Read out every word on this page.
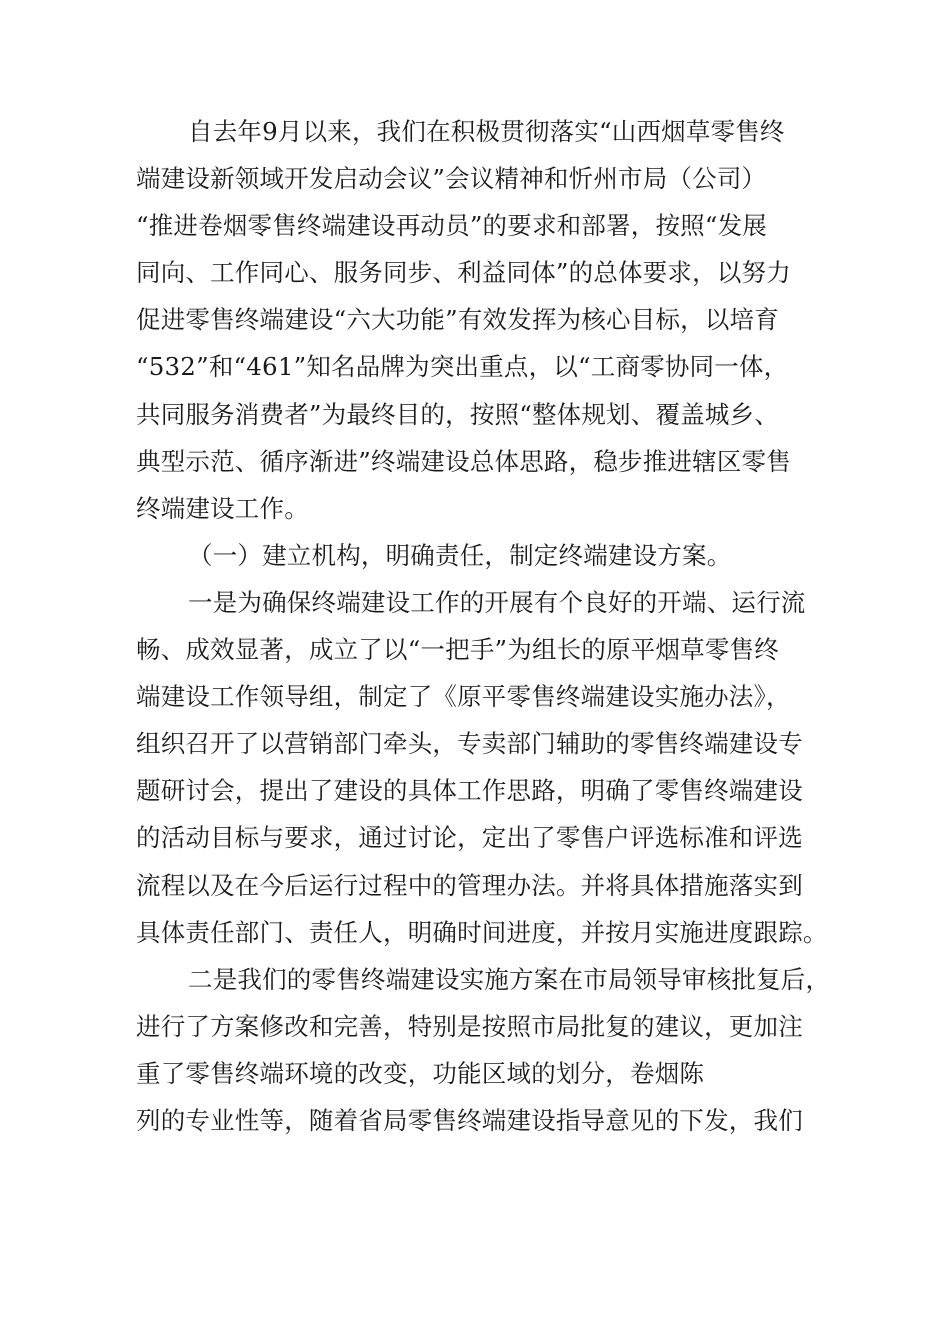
自去年9月以来，我们在积极贯彻落实“山西烟草零售终
端建设新领域开发启动会议”会议精神和忻州市局（公司）
“推进卷烟零售终端建设再动员”的要求和部署，按照“发展
同向、工作同心、服务同步、利益同体”的总体要求，以努力
促进零售终端建设“六大功能”有效发挥为核心目标，以培育
“532”和“461”知名品牌为突出重点，以“工商零协同一体，
共同服务消费者”为最终目的，按照“整体规划、覆盖城乡、
典型示范、循序渐进”终端建设总体思路，稳步推进辖区零售
终端建设工作。
（一）建立机构，明确责任，制定终端建设方案。
一是为确保终端建设工作的开展有个良好的开端、运行流
畅、成效显著，成立了以“一把手”为组长的原平烟草零售终
端建设工作领导组，制定了《原平零售终端建设实施办法》，
组织召开了以营销部门牵头，专卖部门辅助的零售终端建设专
题研讨会，提出了建设的具体工作思路，明确了零售终端建设
的活动目标与要求，通过讨论，定出了零售户评选标准和评选
流程以及在今后运行过程中的管理办法。并将具体措施落实到
具体责任部门、责任人，明确时间进度，并按月实施进度跟踪。
二是我们的零售终端建设实施方案在市局领导审核批复后，
进行了方案修改和完善，特别是按照市局批复的建议，更加注
重了零售终端环境的改变，功能区域的划分，卷烟陈
列的专业性等，随着省局零售终端建设指导意见的下发，我们
